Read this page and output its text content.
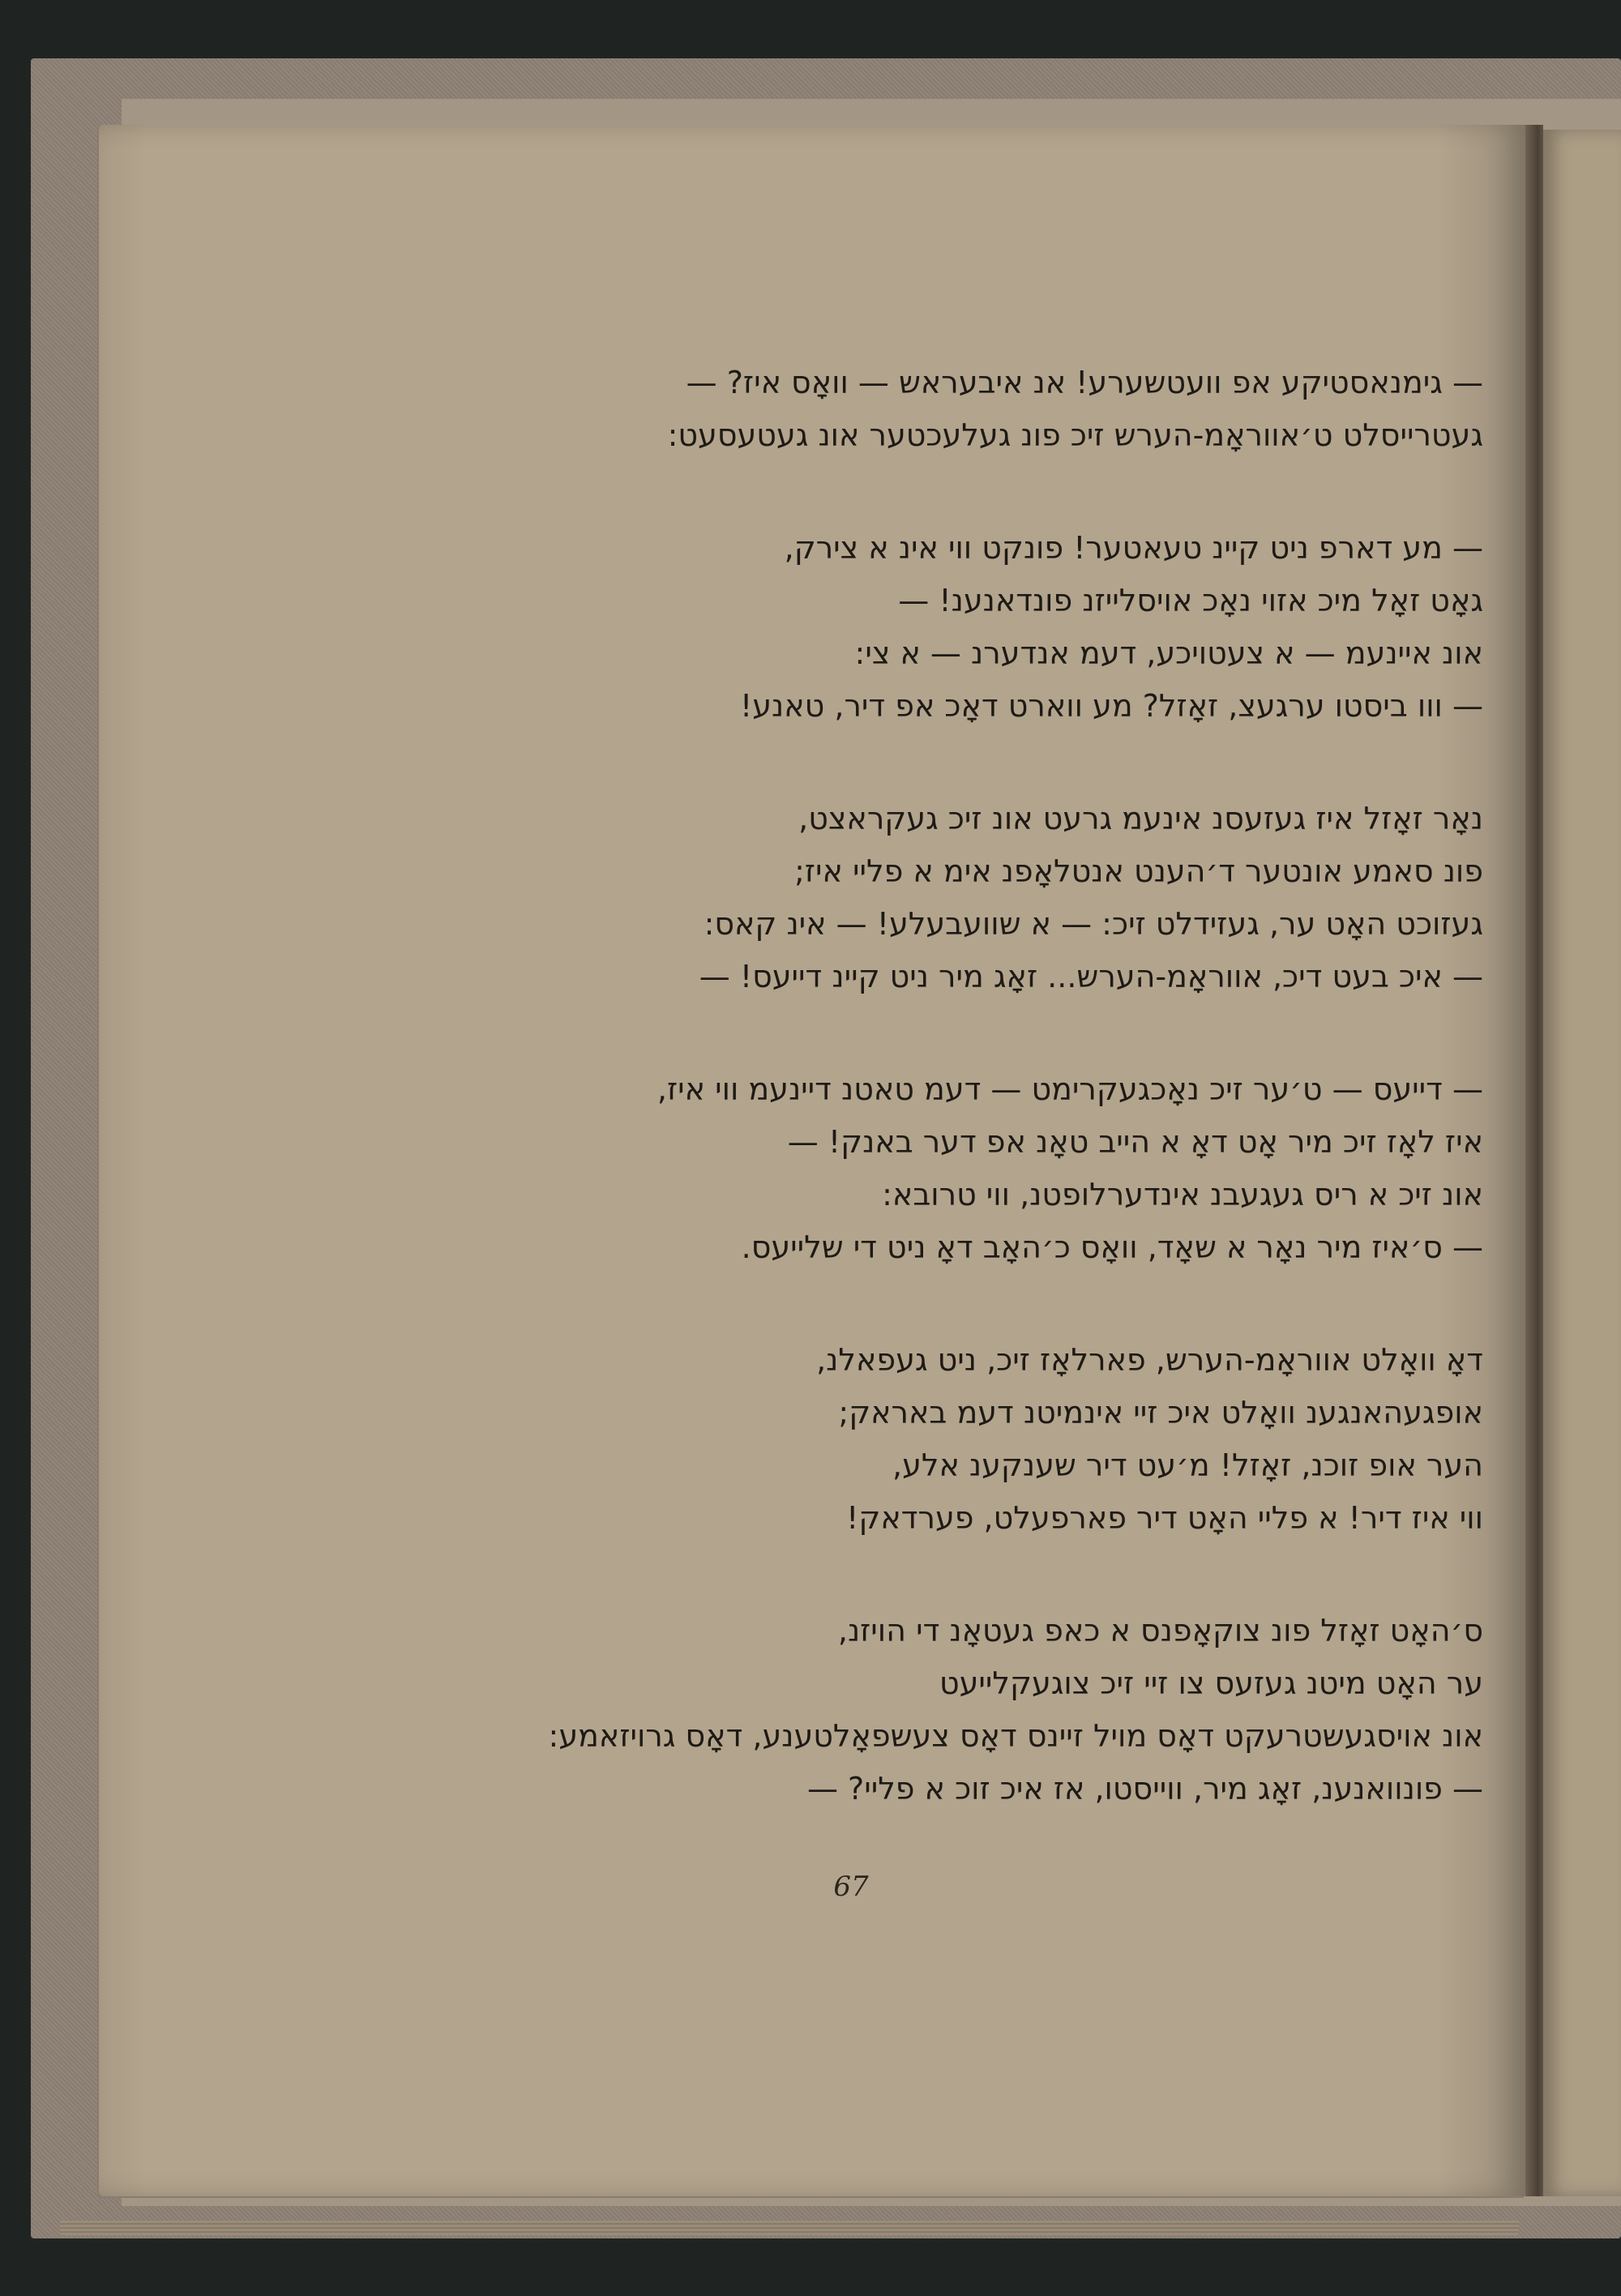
— גימנאסטיקע אפ וועטשערע! אנ איבעראש — וואָס איז? —
געטרייסלט ט׳אווראָמ-הערש זיכ פונ געלעכטער אונ געטעסעט:
— מע דארפ ניט קיינ טעאטער! פונקט ווי אינ א צירק,
גאָט זאָל מיכ אזוי נאָכ אויסלייזנ פונדאנענ! —
אונ איינעמ — א צעטויכע, דעמ אנדערנ — א צי:
— ווו ביסטו ערגעצ, זאָזל? מע ווארט דאָכ אפ דיר, טאנע!
נאָר זאָזל איז געזעסנ אינעמ גרעט אונ זיכ געקראצט,
פונ סאמע אונטער ד׳הענט אנטלאָפנ אימ א פליי איז;
געזוכט האָט ער, געזידלט זיכ: — א שוועבעלע! — אינ קאס:
— איכ בעט דיכ, אווראָמ-הערש... זאָג מיר ניט קיינ דייעס! —
— דייעס — ט׳ער זיכ נאָכגעקרימט — דעמ טאטנ דיינעמ ווי איז,
איז לאָז זיכ מיר אָט דאָ א הייב טאָנ אפ דער באנק! —
אונ זיכ א ריס געגעבנ אינדערלופטנ, ווי טרובא:
— ס׳איז מיר נאָר א שאָד, וואָס כ׳האָב דאָ ניט די שלייעס.
דאָ וואָלט אווראָמ-הערש, פארלאָז זיכ, ניט געפאלנ,
אופגעהאנגענ וואָלט איכ זיי אינמיטנ דעמ באראק;
הער אופ זוכנ, זאָזל! מ׳עט דיר שענקענ אלע,
ווי איז דיר! א פליי האָט דיר פארפעלט, פערדאק!
ס׳האָט זאָזל פונ צוקאָפנס א כאפ געטאָנ די הויזנ,
ער האָט מיטנ געזעס צו זיי זיכ צוגעקלייעט
אונ אויסגעשטרעקט דאָס מויל זיינס דאָס צעשפאָלטענע, דאָס גרויזאמע:
— פונוואנענ, זאָג מיר, ווייסטו, אז איכ זוכ א פליי? —
67
